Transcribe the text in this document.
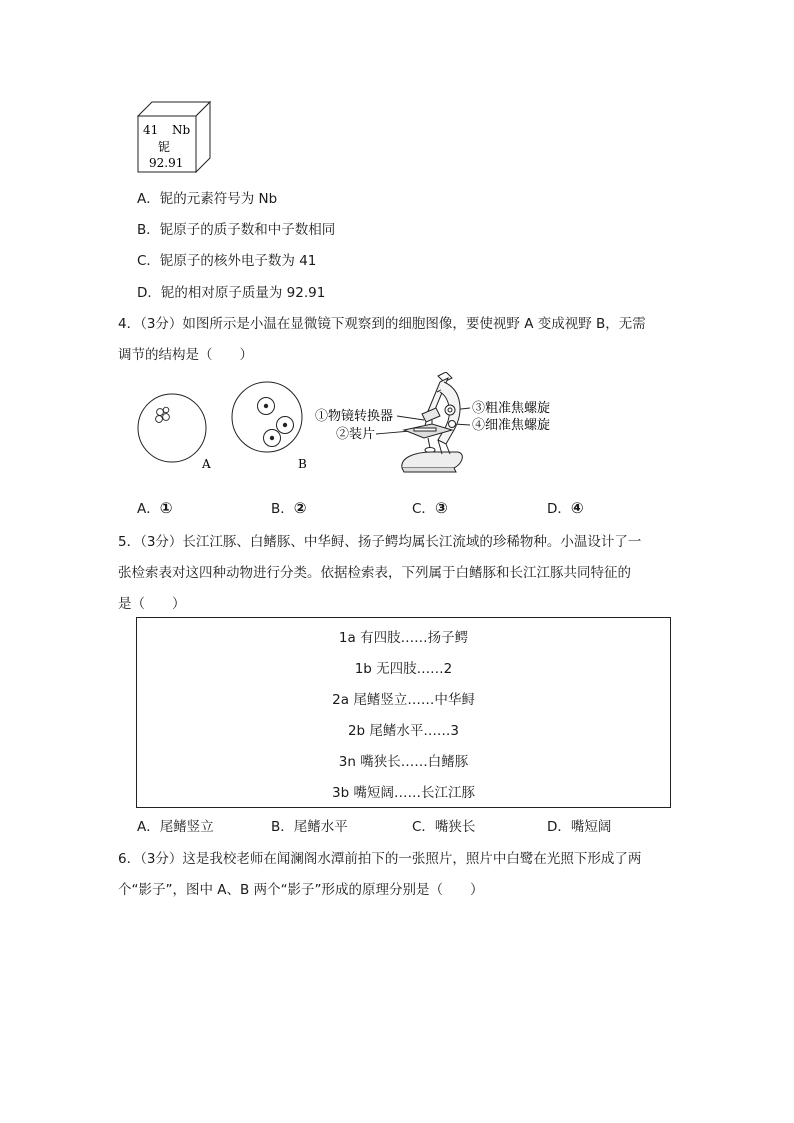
41 Nb
铌
92.91
A．铌的元素符号为 Nb
B．铌原子的质子数和中子数相同
C．铌原子的核外电子数为 41
D．铌的相对原子质量为 92.91
4．（3分）如图所示是小温在显微镜下观察到的细胞图像，要使视野 A 变成视野 B，无需
调节的结构是（　　）
A	B
①物镜转换器
②装片
③粗准焦螺旋
④细准焦螺旋
A．①	B．②	C．③	D．④
5．（3分）长江江豚、白鳍豚、中华鲟、扬子鳄均属长江流域的珍稀物种。小温设计了一
张检索表对这四种动物进行分类。依据检索表，下列属于白鳍豚和长江江豚共同特征的
是（　　）
1a 有四肢……扬子鳄
1b 无四肢……2
2a 尾鳍竖立……中华鲟
2b 尾鳍水平……3
3n 嘴狭长……白鳍豚
3b 嘴短阔……长江江豚
A．尾鳍竖立	B．尾鳍水平	C．嘴狭长	D．嘴短阔
6．（3分）这是我校老师在闻澜阁水潭前拍下的一张照片，照片中白鹭在光照下形成了两
个“影子”，图中 A、B 两个“影子”形成的原理分别是（　　）
